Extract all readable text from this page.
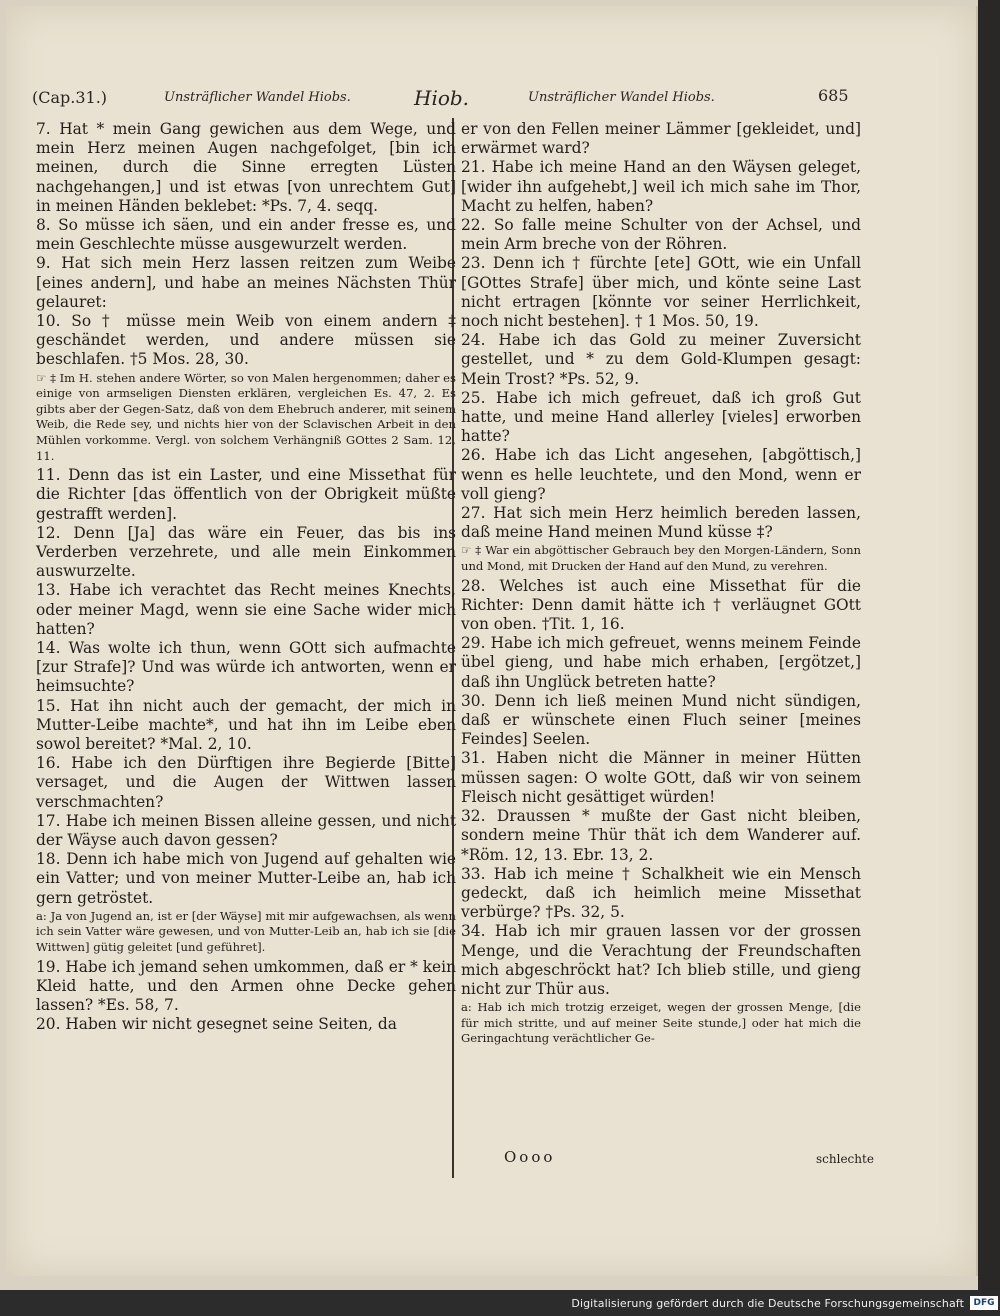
(Cap.31.)	Unsträflicher Wandel Hiobs.	Hiob.	Unsträflicher Wandel Hiobs.	685

7. Hat * mein Gang gewichen aus dem Wege, und mein Herz meinen Augen nachgefolget, [bin ich meinen, durch die Sinne erregten Lüsten nachgehangen,] und ist etwas [von unrechtem Gut] in meinen Händen beklebet: *Ps. 7, 4. seqq.

8. So müsse ich säen, und ein ander fresse es, und mein Geschlechte müsse ausgewurzelt werden.

9. Hat sich mein Herz lassen reitzen zum Weibe [eines andern], und habe an meines Nächsten Thür gelauret:

10. So † müsse mein Weib von einem andern ‡ geschändet werden, und andere müssen sie beschlafen. †5 Mos. 28, 30.

☞ ‡ Im H. stehen andere Wörter, so von Malen hergenommen; daher es einige von armseligen Diensten erklären, vergleichen Es. 47, 2. Es gibts aber der Gegen-Satz, daß von dem Ehebruch anderer, mit seinem Weib, die Rede sey, und nichts hier von der Sclavischen Arbeit in den Mühlen vorkomme. Vergl. von solchem Verhängniß GOttes 2 Sam. 12, 11.

11. Denn das ist ein Laster, und eine Missethat für die Richter [das öffentlich von der Obrigkeit müßte gestrafft werden].

12. Denn [Ja] das wäre ein Feuer, das bis ins Verderben verzehrete, und alle mein Einkommen auswurzelte.

13. Habe ich verachtet das Recht meines Knechts, oder meiner Magd, wenn sie eine Sache wider mich hatten?

14. Was wolte ich thun, wenn GOtt sich aufmachte [zur Strafe]? Und was würde ich antworten, wenn er heimsuchte?

15. Hat ihn nicht auch der gemacht, der mich in Mutter-Leibe machte*, und hat ihn im Leibe eben sowol bereitet? *Mal. 2, 10.

16. Habe ich den Dürftigen ihre Begierde [Bitte] versaget, und die Augen der Wittwen lassen verschmachten?

17. Habe ich meinen Bissen alleine gessen, und nicht der Wäyse auch davon gessen?

18. Denn ich habe mich von Jugend auf gehalten wie ein Vatter; und von meiner Mutter-Leibe an, hab ich gern getröstet.

a: Ja von Jugend an, ist er [der Wäyse] mit mir aufgewachsen, als wenn ich sein Vatter wäre gewesen, und von Mutter-Leib an, hab ich sie [die Wittwen] gütig geleitet [und geführet].

19. Habe ich jemand sehen umkommen, daß er * kein Kleid hatte, und den Armen ohne Decke gehen lassen? *Es. 58, 7.

20. Haben wir nicht gesegnet seine Seiten, da

er von den Fellen meiner Lämmer [gekleidet, und] erwärmet ward?

21. Habe ich meine Hand an den Wäysen geleget, [wider ihn aufgehebt,] weil ich mich sahe im Thor, Macht zu helfen, haben?

22. So falle meine Schulter von der Achsel, und mein Arm breche von der Röhren.

23. Denn ich † fürchte [ete] GOtt, wie ein Unfall [GOttes Strafe] über mich, und könte seine Last nicht ertragen [könnte vor seiner Herrlichkeit, noch nicht bestehen]. † 1 Mos. 50, 19.

24. Habe ich das Gold zu meiner Zuversicht gestellet, und * zu dem Gold-Klumpen gesagt: Mein Trost? *Ps. 52, 9.

25. Habe ich mich gefreuet, daß ich groß Gut hatte, und meine Hand allerley [vieles] erworben hatte?

26. Habe ich das Licht angesehen, [abgöttisch,] wenn es helle leuchtete, und den Mond, wenn er voll gieng?

27. Hat sich mein Herz heimlich bereden lassen, daß meine Hand meinen Mund küsse ‡?

☞ ‡ War ein abgöttischer Gebrauch bey den Morgen-Ländern, Sonn und Mond, mit Drucken der Hand auf den Mund, zu verehren.

28. Welches ist auch eine Missethat für die Richter: Denn damit hätte ich † verläugnet GOtt von oben. †Tit. 1, 16.

29. Habe ich mich gefreuet, wenns meinem Feinde übel gieng, und habe mich erhaben, [ergötzet,] daß ihn Unglück betreten hatte?

30. Denn ich ließ meinen Mund nicht sündigen, daß er wünschete einen Fluch seiner [meines Feindes] Seelen.

31. Haben nicht die Männer in meiner Hütten müssen sagen: O wolte GOtt, daß wir von seinem Fleisch nicht gesättiget würden!

32. Draussen * mußte der Gast nicht bleiben, sondern meine Thür thät ich dem Wanderer auf. *Röm. 12, 13. Ebr. 13, 2.

33. Hab ich meine † Schalkheit wie ein Mensch gedeckt, daß ich heimlich meine Missethat verbürge? †Ps. 32, 5.

34. Hab ich mir grauen lassen vor der grossen Menge, und die Verachtung der Freundschaften mich abgeschröckt hat? Ich blieb stille, und gieng nicht zur Thür aus.

a: Hab ich mich trotzig erzeiget, wegen der grossen Menge, [die für mich stritte, und auf meiner Seite stunde,] oder hat mich die Geringachtung verächtlicher Ge-

Oooo	schlechte
Digitalisierung gefördert durch die Deutsche Forschungsgemeinschaft	DFG
